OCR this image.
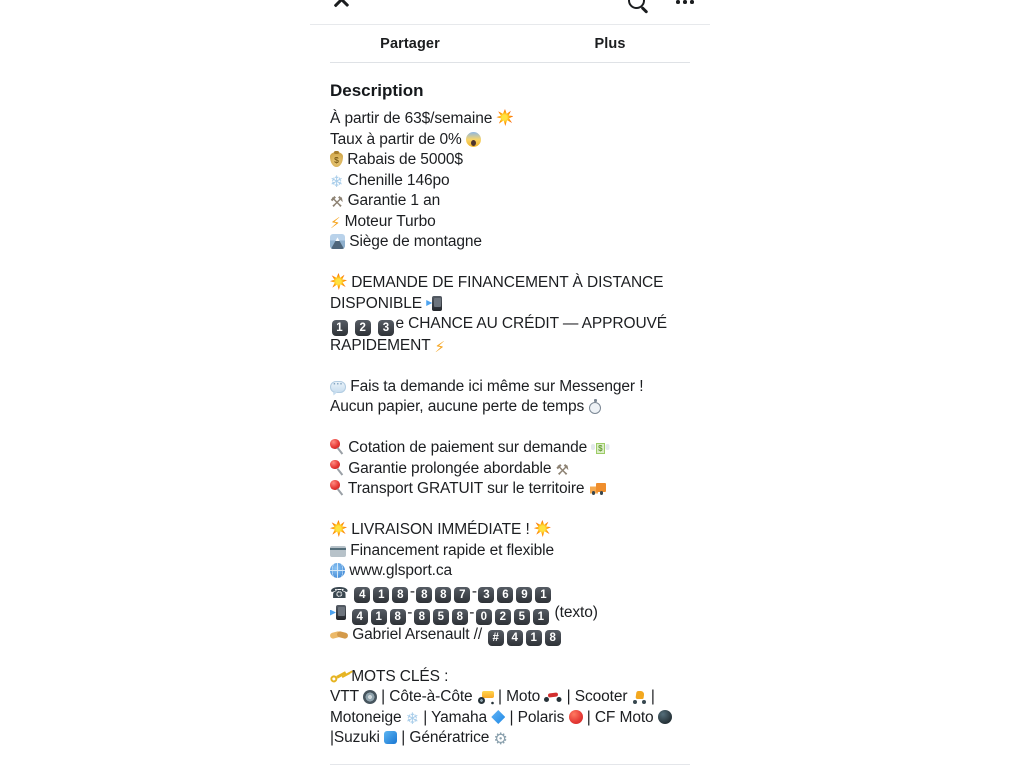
Partager	Plus
Description
À partir de 63$/semaine
Taux à partir de 0%
$ Rabais de 5000$
❄ Chenille 146po
⚒ Garantie 1 an
⚡ Moteur Turbo
Siège de montagne

DEMANDE DE FINANCEMENT À DISTANCE DISPONIBLE
1 2 3 e CHANCE AU CRÉDIT — APPROUVÉ RAPIDEMENT ⚡

··· Fais ta demande ici même sur Messenger !
Aucun papier, aucune perte de temps

Cotation de paiement sur demande $
Garantie prolongée abordable ⚒
Transport GRATUIT sur le territoire

LIVRAISON IMMÉDIATE !
Financement rapide et flexible
www.glsport.ca
☎ 4 1 8 - 8 8 7 - 3 6 9 1
4 1 8 - 8 5 8 - 0 2 5 1 (texto)
Gabriel Arsenault // # 4 1 8

MOTS CLÉS :
VTT  | Côte-à-Côte  | Moto  | Scooter  | Motoneige ❄ | Yamaha  | Polaris  | CF Moto  |Suzuki  | Génératrice ⚙
